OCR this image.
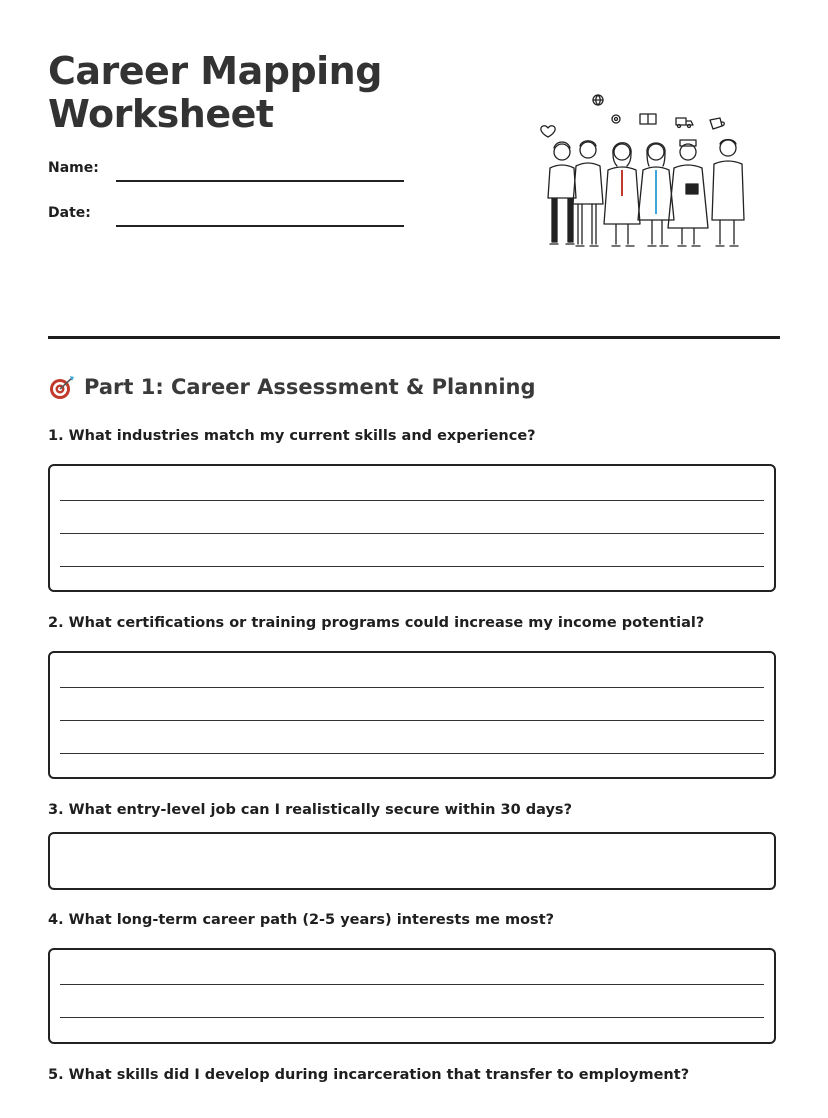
Career Mapping
Worksheet
Name:
Date:
Part 1: Career Assessment & Planning
1. What industries match my current skills and experience?
2. What certifications or training programs could increase my income potential?
3. What entry-level job can I realistically secure within 30 days?
4. What long-term career path (2-5 years) interests me most?
5. What skills did I develop during incarceration that transfer to employment?
